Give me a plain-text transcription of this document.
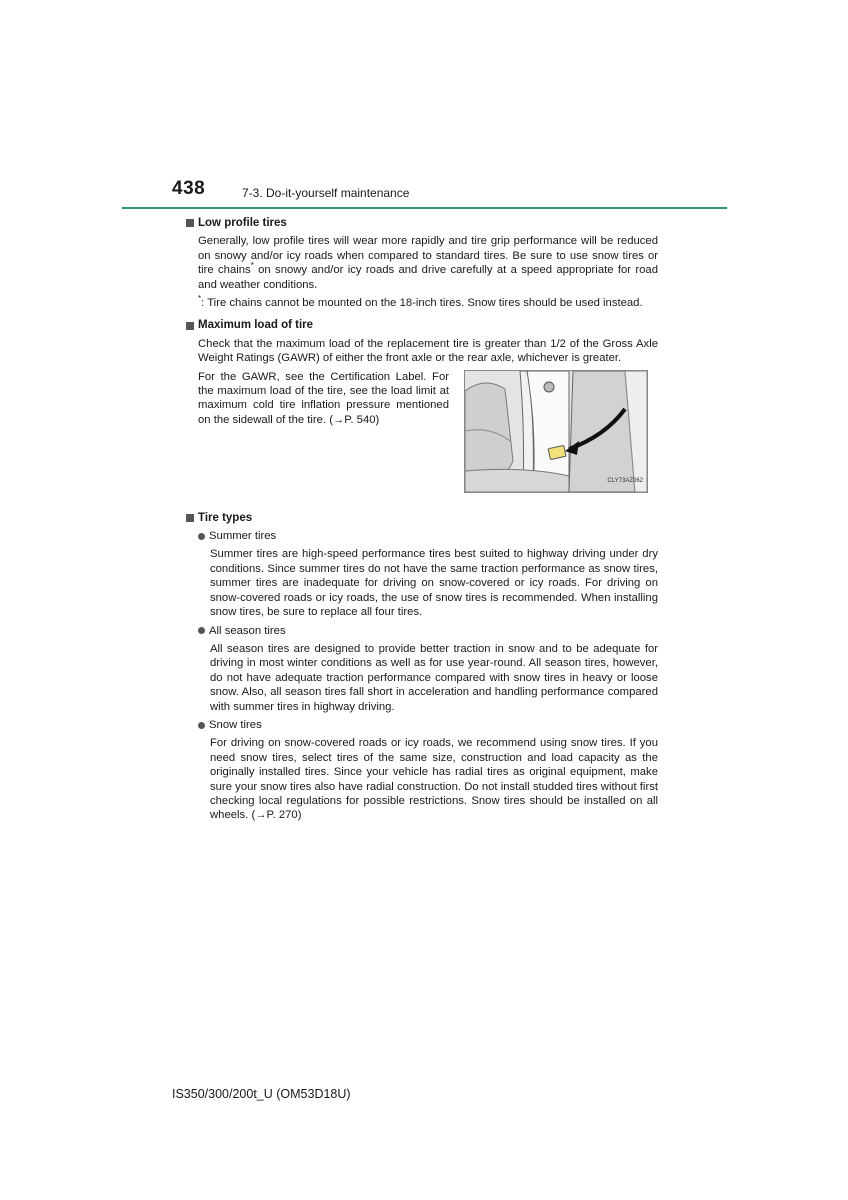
438	7-3. Do-it-yourself maintenance
Low profile tires

Generally, low profile tires will wear more rapidly and tire grip performance will be reduced on snowy and/or icy roads when compared to standard tires. Be sure to use snow tires or tire chains* on snowy and/or icy roads and drive carefully at a speed appropriate for road and weather conditions.

*: Tire chains cannot be mounted on the 18-inch tires. Snow tires should be used instead.

Maximum load of tire

Check that the maximum load of the replacement tire is greater than 1/2 of the Gross Axle Weight Ratings (GAWR) of either the front axle or the rear axle, whichever is greater.

For the GAWR, see the Certification Label. For the maximum load of the tire, see the load limit at maximum cold tire inflation pressure mentioned on the sidewall of the tire. (→P. 540)
CLY73AZ062
Tire types
Summer tires

Summer tires are high-speed performance tires best suited to highway driving under dry conditions. Since summer tires do not have the same traction performance as snow tires, summer tires are inadequate for driving on snow-covered or icy roads. For driving on snow-covered roads or icy roads, the use of snow tires is recommended. When installing snow tires, be sure to replace all four tires.

All season tires

All season tires are designed to provide better traction in snow and to be adequate for driving in most winter conditions as well as for use year-round. All season tires, however, do not have adequate traction performance compared with snow tires in heavy or loose snow. Also, all season tires fall short in acceleration and handling performance compared with summer tires in highway driving.

Snow tires

For driving on snow-covered roads or icy roads, we recommend using snow tires. If you need snow tires, select tires of the same size, construction and load capacity as the originally installed tires. Since your vehicle has radial tires as original equipment, make sure your snow tires also have radial construction. Do not install studded tires without first checking local regulations for possible restrictions. Snow tires should be installed on all wheels. (→P. 270)

IS350/300/200t_U (OM53D18U)
